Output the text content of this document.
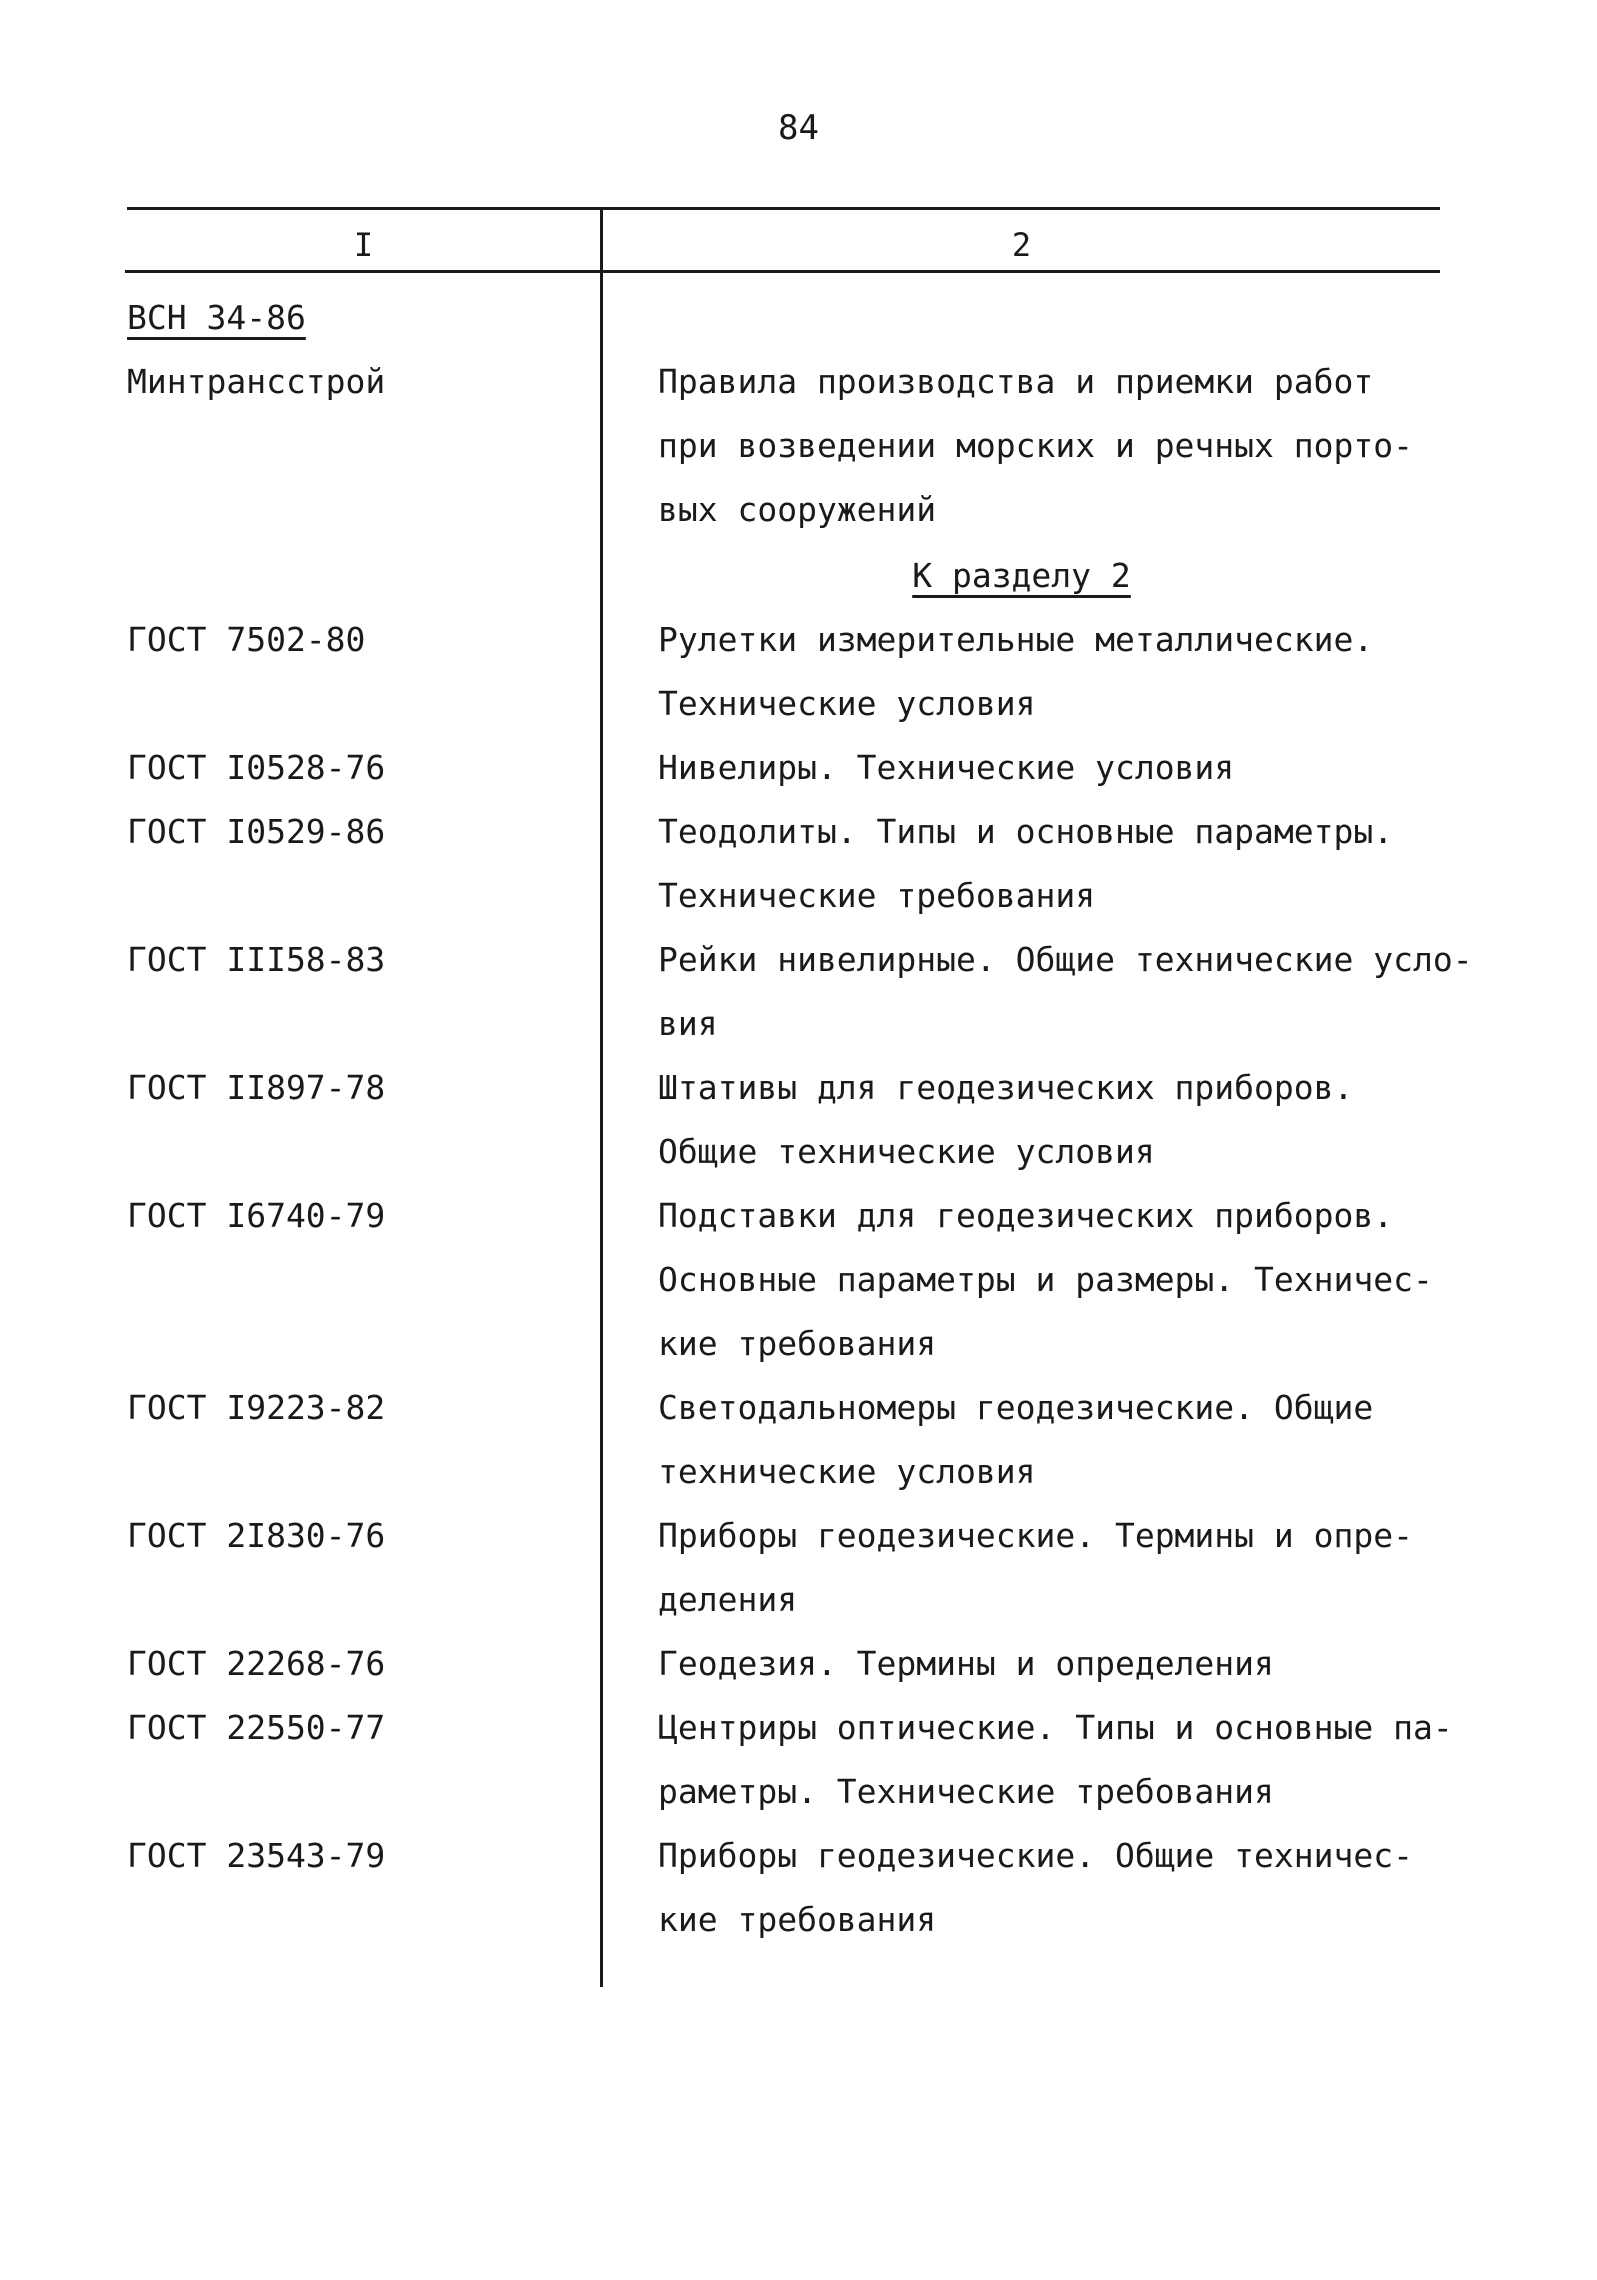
84
I	2
ВСН 34-86
Минтрансстрой	Правила производства и приемки работ
при возведении морских и речных порто-
вых сооружений
К разделу 2
ГОСТ 7502-80	Рулетки измерительные металлические.
Технические условия
ГОСТ I0528-76	Нивелиры. Технические условия
ГОСТ I0529-86	Теодолиты. Типы и основные параметры.
Технические требования
ГОСТ III58-83	Рейки нивелирные. Общие технические усло-
вия
ГОСТ II897-78	Штативы для геодезических приборов.
Общие технические условия
ГОСТ I6740-79	Подставки для геодезических приборов.
Основные параметры и размеры. Техничес-
кие требования
ГОСТ I9223-82	Светодальномеры геодезические. Общие
технические условия
ГОСТ 2I830-76	Приборы геодезические. Термины и опре-
деления
ГОСТ 22268-76	Геодезия. Термины и определения
ГОСТ 22550-77	Центриры оптические. Типы и основные па-
раметры. Технические требования
ГОСТ 23543-79	Приборы геодезические. Общие техничес-
кие требования
